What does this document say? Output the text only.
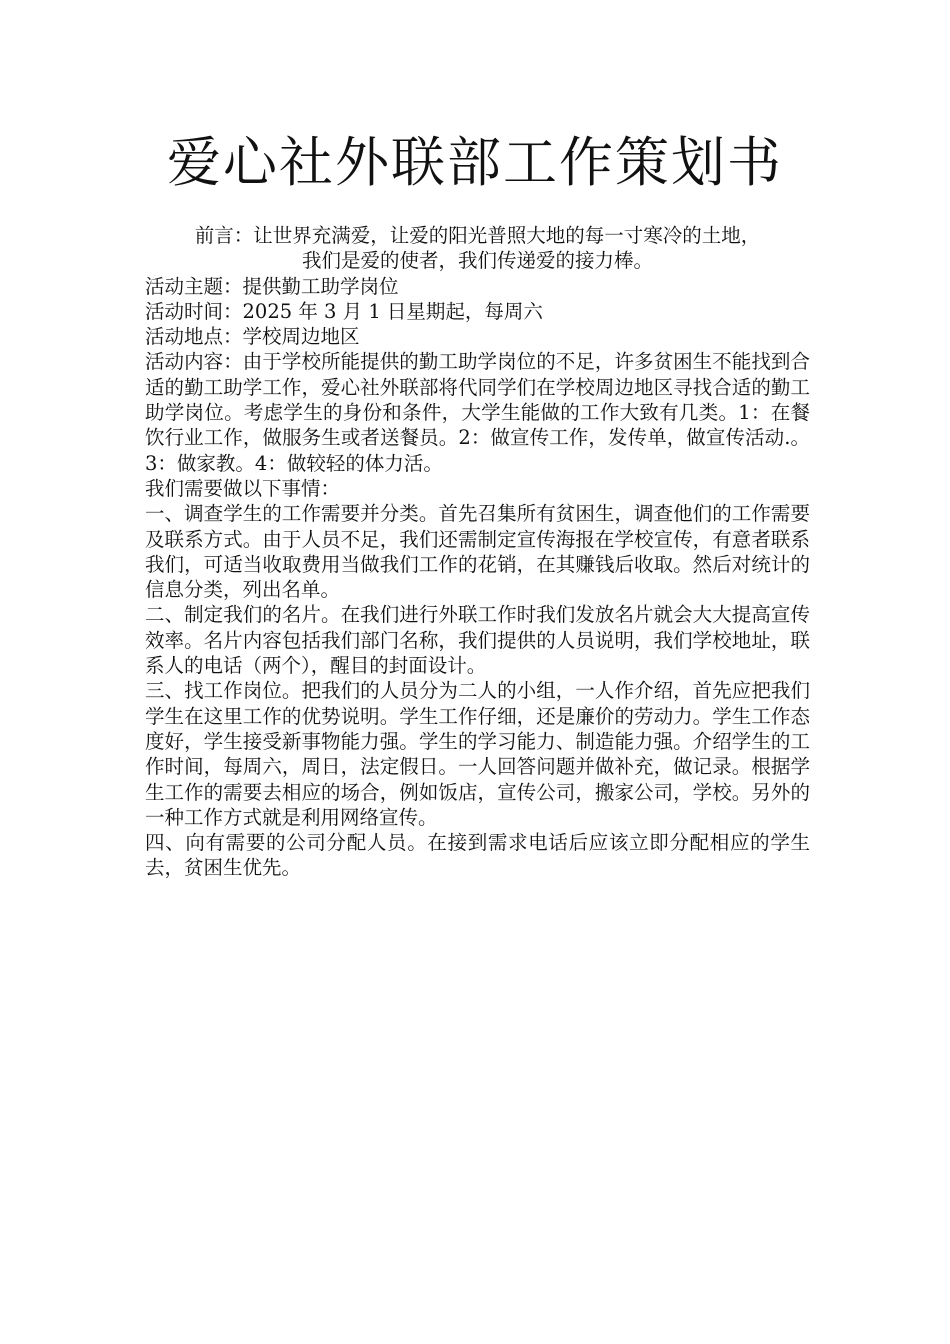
爱心社外联部工作策划书

前言：让世界充满爱，让爱的阳光普照大地的每一寸寒冷的土地，

我们是爱的使者，我们传递爱的接力棒。

活动主题：提供勤工助学岗位

活动时间：2025 年 3 月 1 日星期起，每周六

活动地点：学校周边地区

活动内容：由于学校所能提供的勤工助学岗位的不足，许多贫困生不能找到合适的勤工助学工作，爱心社外联部将代同学们在学校周边地区寻找合适的勤工助学岗位。考虑学生的身份和条件，大学生能做的工作大致有几类。1：在餐饮行业工作，做服务生或者送餐员。2：做宣传工作，发传单，做宣传活动.。3：做家教。4：做较轻的体力活。

我们需要做以下事情：

一、调查学生的工作需要并分类。首先召集所有贫困生，调查他们的工作需要及联系方式。由于人员不足，我们还需制定宣传海报在学校宣传，有意者联系我们，可适当收取费用当做我们工作的花销，在其赚钱后收取。然后对统计的信息分类，列出名单。

二、制定我们的名片。在我们进行外联工作时我们发放名片就会大大提高宣传效率。名片内容包括我们部门名称，我们提供的人员说明，我们学校地址，联系人的电话（两个），醒目的封面设计。

三、找工作岗位。把我们的人员分为二人的小组，一人作介绍，首先应把我们学生在这里工作的优势说明。学生工作仔细，还是廉价的劳动力。学生工作态度好，学生接受新事物能力强。学生的学习能力、制造能力强。介绍学生的工作时间，每周六，周日，法定假日。一人回答问题并做补充，做记录。根据学生工作的需要去相应的场合，例如饭店，宣传公司，搬家公司，学校。另外的一种工作方式就是利用网络宣传。

四、向有需要的公司分配人员。在接到需求电话后应该立即分配相应的学生去，贫困生优先。
